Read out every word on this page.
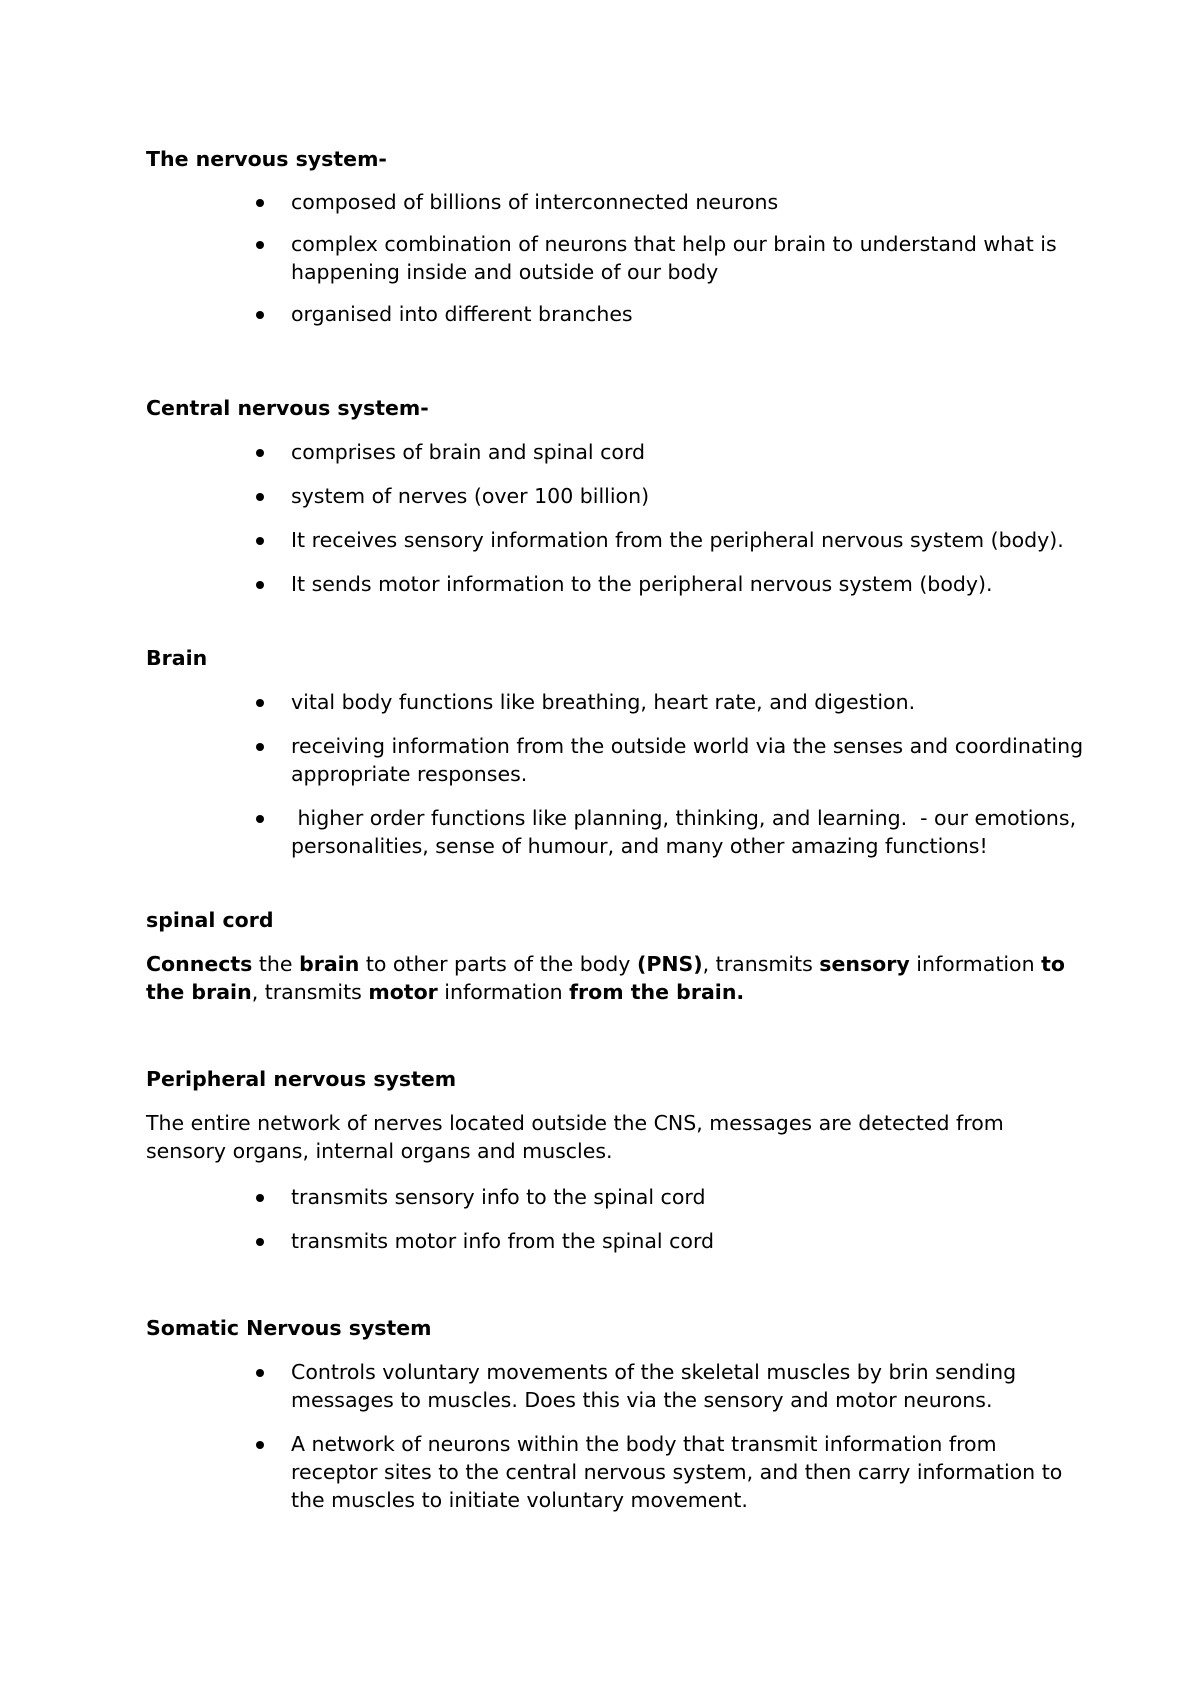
The nervous system-

composed of billions of interconnected neurons
complex combination of neurons that help our brain to understand what is happening inside and outside of our body
organised into different branches

Central nervous system-

comprises of brain and spinal cord
system of nerves (over 100 billion)
It receives sensory information from the peripheral nervous system (body).
It sends motor information to the peripheral nervous system (body).

Brain

vital body functions like breathing, heart rate, and digestion.
receiving information from the outside world via the senses and coordinating appropriate responses.
higher order functions like planning, thinking, and learning.  - our emotions, personalities, sense of humour, and many other amazing functions!

spinal cord

Connects the brain to other parts of the body (PNS), transmits sensory information to the brain, transmits motor information from the brain.

Peripheral nervous system

The entire network of nerves located outside the CNS, messages are detected from sensory organs, internal organs and muscles.

transmits sensory info to the spinal cord
transmits motor info from the spinal cord

Somatic Nervous system

Controls voluntary movements of the skeletal muscles by brin sending messages to muscles. Does this via the sensory and motor neurons.
A network of neurons within the body that transmit information from receptor sites to the central nervous system, and then carry information to the muscles to initiate voluntary movement.
